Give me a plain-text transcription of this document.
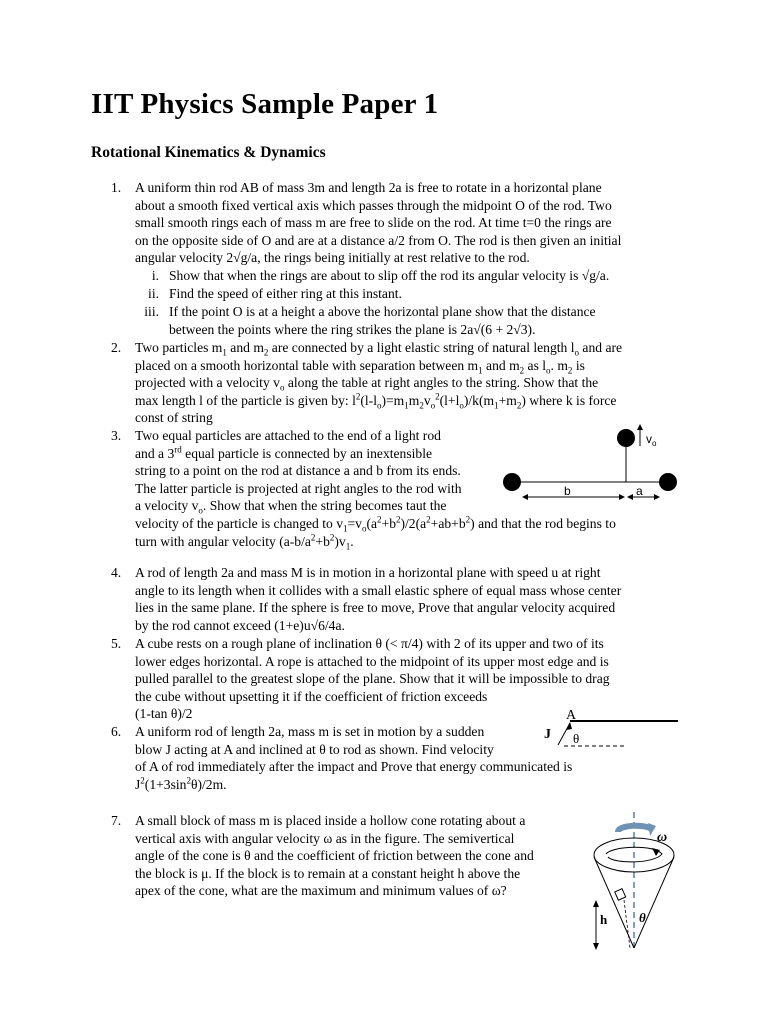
IIT Physics Sample Paper 1
Rotational Kinematics & Dynamics
1.	A uniform thin rod AB of mass 3m and length 2a is free to rotate in a horizontal plane
about a smooth fixed vertical axis which passes through the midpoint O of the rod. Two
small smooth rings each of mass m are free to slide on the rod. At time t=0 the rings are
on the opposite side of O and are at a distance a/2 from O. The rod is then given an initial
angular velocity 2√g/a, the rings being initially at rest relative to the rod.
i. Show that when the rings are about to slip off the rod its angular velocity is √g/a.
ii. Find the speed of either ring at this instant.
iii. If the point O is at a height a above the horizontal plane show that the distance
between the points where the ring strikes the plane is 2a√(6 + 2√3).
2.	Two particles $m_1$ and $m_2$ are connected by a light elastic string of natural length $l_o$ and are
placed on a smooth horizontal table with separation between $m_1$ and $m_2$ as $l_o$. $m_2$ is
projected with a velocity $v_o$ along the table at right angles to the string. Show that the
max length l of the particle is given by: $l^2(l-l_o)=m_1m_2v_o^2(l+l_o)/k(m_1+m_2)$ where k is force
const of string
3.	Two equal particles are attached to the end of a light rod
and a 3rd equal particle is connected by an inextensible
string to a point on the rod at distance a and b from its ends.
The latter particle is projected at right angles to the rod with
a velocity $v_o$. Show that when the string becomes taut the
velocity of the particle is changed to $v_1=v_o(a^2+b^2)/2(a^2+ab+b^2)$ and that the rod begins to
turn with angular velocity $(a-b/a^2+b^2)v_1$.
$v_o$
b	a
4.	A rod of length 2a and mass M is in motion in a horizontal plane with speed u at right
angle to its length when it collides with a small elastic sphere of equal mass whose center
lies in the same plane. If the sphere is free to move, Prove that angular velocity acquired
by the rod cannot exceed (1+e)u√6/4a.
5.	A cube rests on a rough plane of inclination θ (< π/4) with 2 of its upper and two of its
lower edges horizontal. A rope is attached to the midpoint of its upper most edge and is
pulled parallel to the greatest slope of the plane. Show that it will be impossible to drag
the cube without upsetting it if the coefficient of friction exceeds
(1-tan θ)/2
6.	A uniform rod of length 2a, mass m is set in motion by a sudden
blow J acting at A and inclined at θ to rod as shown. Find velocity
of A of rod immediately after the impact and Prove that energy communicated is
$J^2(1+3\sin^2\theta)/2m$.
A
J θ
7.	A small block of mass m is placed inside a hollow cone rotating about a
vertical axis with angular velocity ω as in the figure. The semivertical
angle of the cone is θ and the coefficient of friction between the cone and
the block is μ. If the block is to remain at a constant height h above the
apex of the cone, what are the maximum and minimum values of ω?
ω
h θ
